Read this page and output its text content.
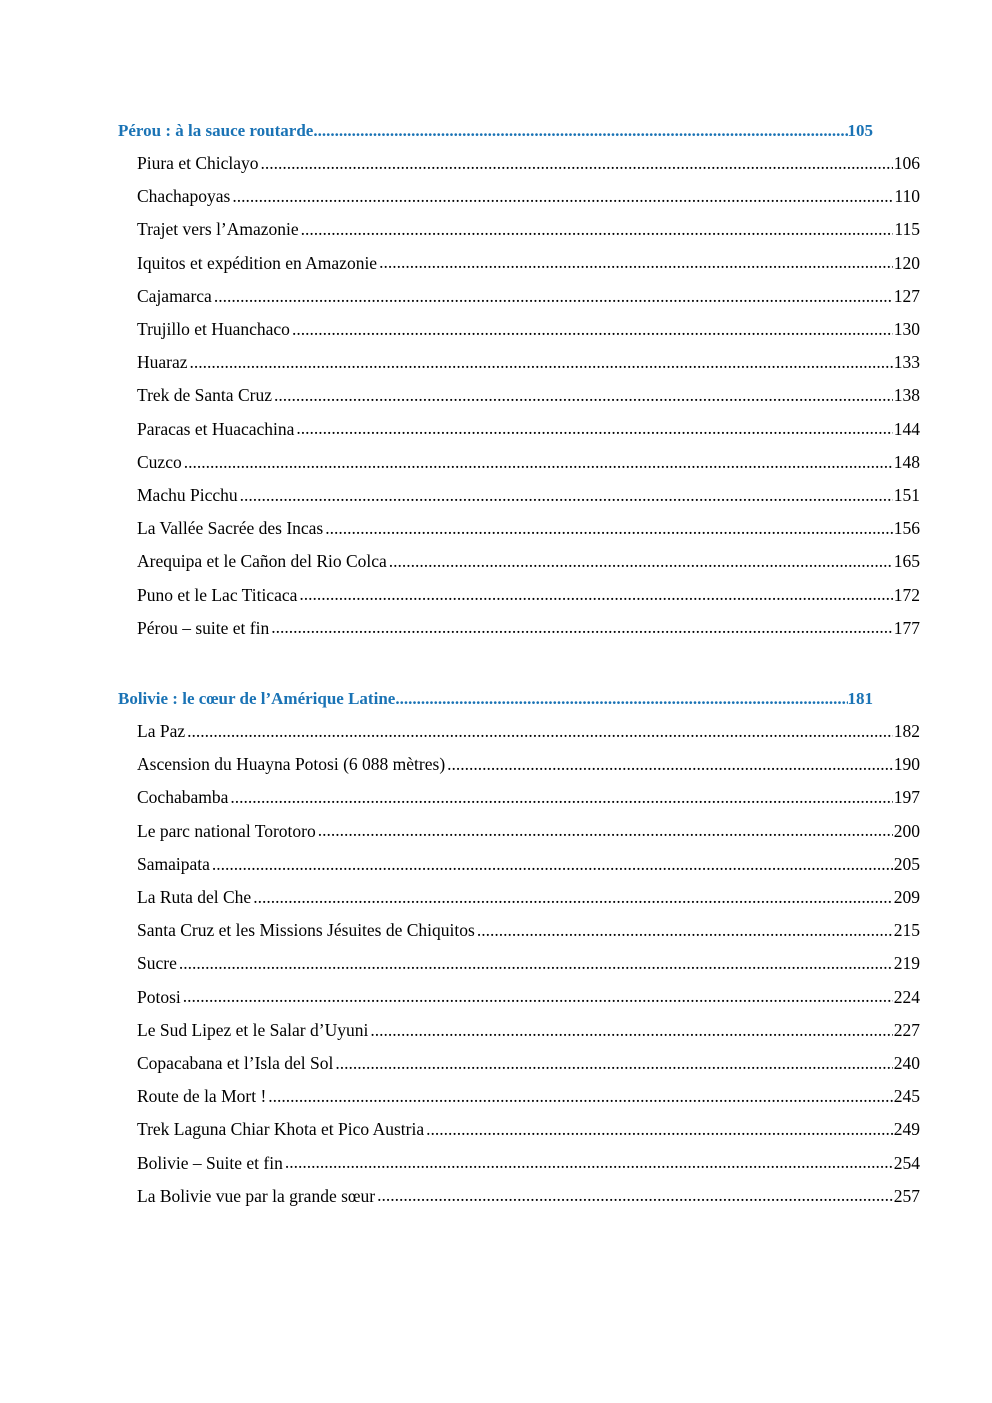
Pérou : à la sauce routarde .....	105
Piura et Chiclayo .....	106
Chachapoyas .....	110
Trajet vers l’Amazonie .....	115
Iquitos et expédition en Amazonie .....	120
Cajamarca .....	127
Trujillo et Huanchaco .....	130
Huaraz .....	133
Trek de Santa Cruz .....	138
Paracas et Huacachina .....	144
Cuzco .....	148
Machu Picchu .....	151
La Vallée Sacrée des Incas .....	156
Arequipa et le Cañon del Rio Colca .....	165
Puno et le Lac Titicaca .....	172
Pérou – suite et fin .....	177
Bolivie : le cœur de l’Amérique Latine .....	181
La Paz .....	182
Ascension du Huayna Potosi (6 088 mètres) .....	190
Cochabamba .....	197
Le parc national Torotoro .....	200
Samaipata .....	205
La Ruta del Che .....	209
Santa Cruz et les Missions Jésuites de Chiquitos .....	215
Sucre .....	219
Potosi .....	224
Le Sud Lipez et le Salar d’Uyuni .....	227
Copacabana et l’Isla del Sol .....	240
Route de la Mort ! .....	245
Trek Laguna Chiar Khota et Pico Austria .....	249
Bolivie – Suite et fin .....	254
La Bolivie vue par la grande sœur .....	257
